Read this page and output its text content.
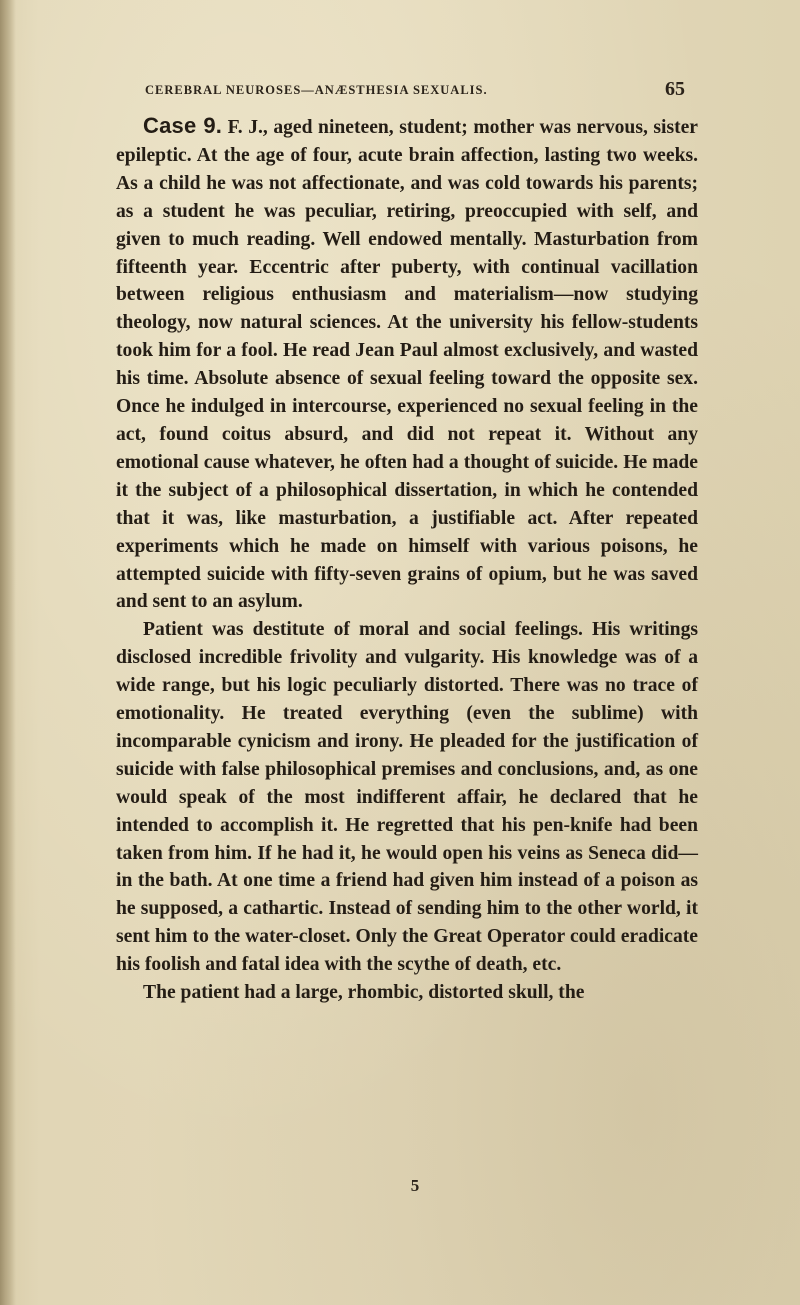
CEREBRAL NEUROSES—ANÆSTHESIA SEXUALIS.	65

Case 9. F. J., aged nineteen, student; mother was nervous, sister epileptic. At the age of four, acute brain affection, lasting two weeks. As a child he was not affectionate, and was cold towards his parents; as a student he was peculiar, retiring, preoccupied with self, and given to much reading. Well endowed mentally. Masturbation from fifteenth year. Eccentric after puberty, with continual vacillation between religious enthusiasm and materialism—now studying theology, now natural sciences. At the university his fellow-students took him for a fool. He read Jean Paul almost exclusively, and wasted his time. Absolute absence of sexual feeling toward the opposite sex. Once he indulged in intercourse, experienced no sexual feeling in the act, found coitus absurd, and did not repeat it. Without any emotional cause whatever, he often had a thought of suicide. He made it the subject of a philosophical dissertation, in which he contended that it was, like masturbation, a justifiable act. After repeated experiments which he made on himself with various poisons, he attempted suicide with fifty-seven grains of opium, but he was saved and sent to an asylum.

Patient was destitute of moral and social feelings. His writings disclosed incredible frivolity and vulgarity. His knowledge was of a wide range, but his logic peculiarly distorted. There was no trace of emotionality. He treated everything (even the sublime) with incomparable cynicism and irony. He pleaded for the justification of suicide with false philosophical premises and conclusions, and, as one would speak of the most indifferent affair, he declared that he intended to accomplish it. He regretted that his pen-knife had been taken from him. If he had it, he would open his veins as Seneca did—in the bath. At one time a friend had given him instead of a poison as he supposed, a cathartic. Instead of sending him to the other world, it sent him to the water-closet. Only the Great Operator could eradicate his foolish and fatal idea with the scythe of death, etc.

The patient had a large, rhombic, distorted skull, the

5
